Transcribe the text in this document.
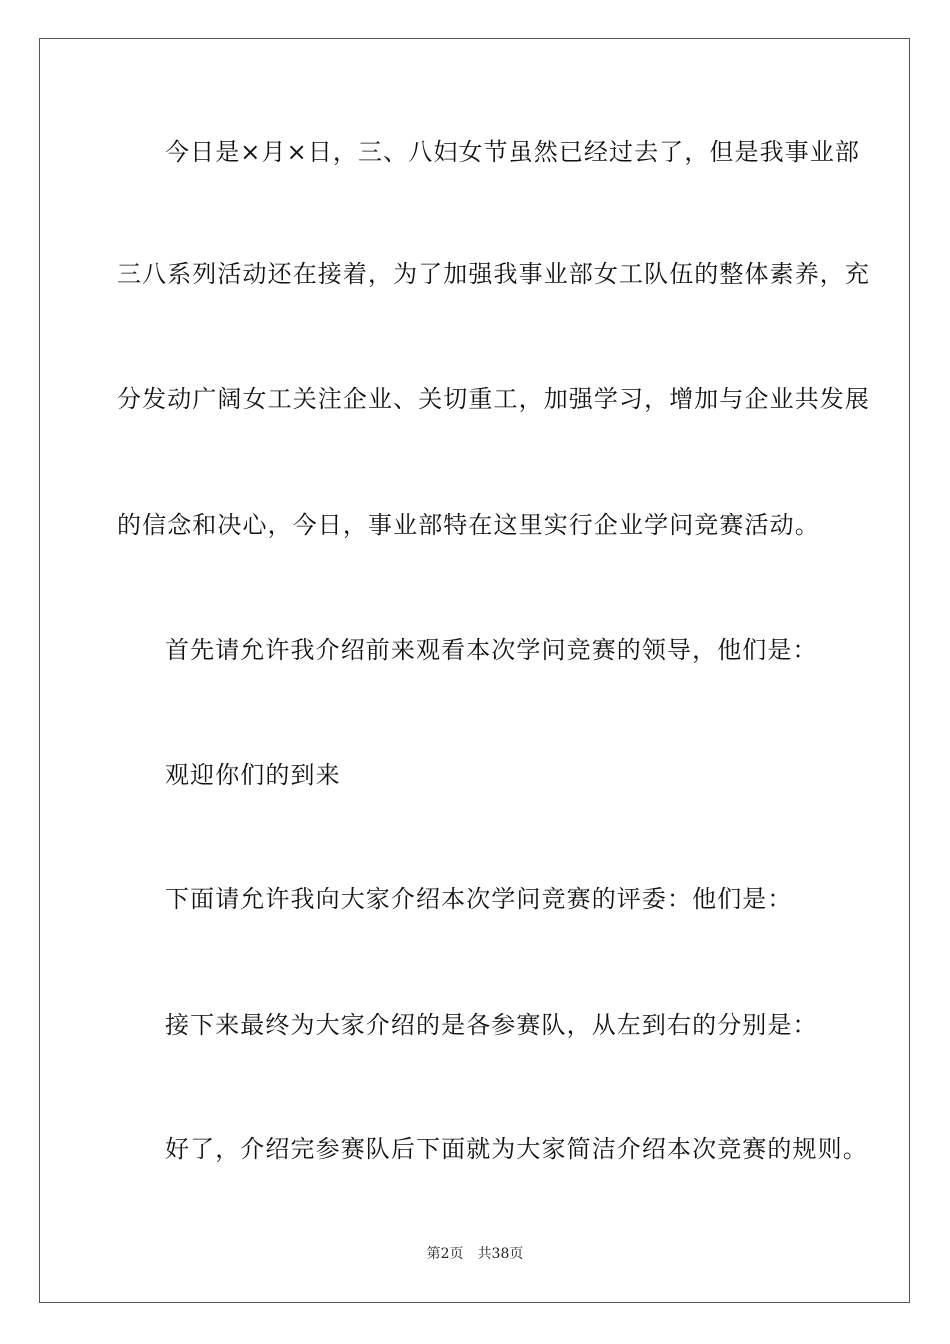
今日是×月×日，三、八妇女节虽然已经过去了，但是我事业部
三八系列活动还在接着，为了加强我事业部女工队伍的整体素养，充
分发动广阔女工关注企业、关切重工，加强学习，增加与企业共发展
的信念和决心，今日，事业部特在这里实行企业学问竞赛活动。
首先请允许我介绍前来观看本次学问竞赛的领导，他们是：
观迎你们的到来
下面请允许我向大家介绍本次学问竞赛的评委：他们是：
接下来最终为大家介绍的是各参赛队，从左到右的分别是：
好了，介绍完参赛队后下面就为大家简洁介绍本次竞赛的规则。
第2页 共38页
